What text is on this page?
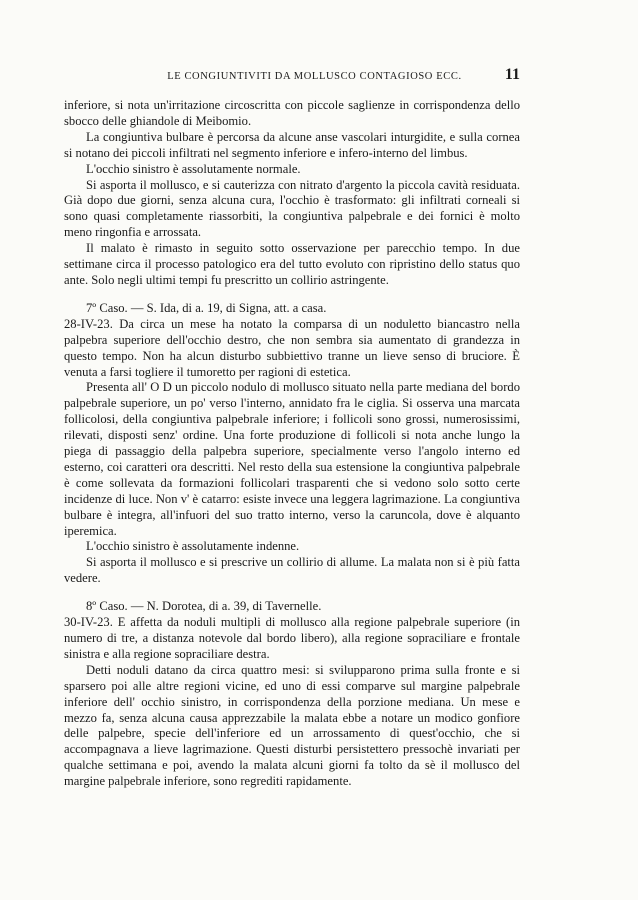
LE CONGIUNTIVITI DA MOLLUSCO CONTAGIOSO ECC.	11

inferiore, si nota un'irritazione circoscritta con piccole saglienze in corrispondenza dello sbocco delle ghiandole di Meibomio.

La congiuntiva bulbare è percorsa da alcune anse vascolari inturgidite, e sulla cornea si notano dei piccoli infiltrati nel segmento inferiore e infero-interno del limbus.

L'occhio sinistro è assolutamente normale.

Si asporta il mollusco, e si cauterizza con nitrato d'argento la piccola cavità residuata. Già dopo due giorni, senza alcuna cura, l'occhio è trasformato: gli infiltrati corneali si sono quasi completamente riassorbiti, la congiuntiva palpebrale e dei fornici è molto meno ringonfia e arrossata.

Il malato è rimasto in seguito sotto osservazione per parecchio tempo. In due settimane circa il processo patologico era del tutto evoluto con ripristino dello status quo ante. Solo negli ultimi tempi fu prescritto un collirio astringente.

7º Caso. — S. Ida, di a. 19, di Signa, att. a casa.

28-IV-23. Da circa un mese ha notato la comparsa di un noduletto biancastro nella palpebra superiore dell'occhio destro, che non sembra sia aumentato di grandezza in questo tempo. Non ha alcun disturbo subbiettivo tranne un lieve senso di bruciore. È venuta a farsi togliere il tumoretto per ragioni di estetica.

Presenta all' O D un piccolo nodulo di mollusco situato nella parte mediana del bordo palpebrale superiore, un po' verso l'interno, annidato fra le ciglia. Si osserva una marcata follicolosi, della congiuntiva palpebrale inferiore; i follicoli sono grossi, numerosissimi, rilevati, disposti senz' ordine. Una forte produzione di follicoli si nota anche lungo la piega di passaggio della palpebra superiore, specialmente verso l'angolo interno ed esterno, coi caratteri ora descritti. Nel resto della sua estensione la congiuntiva palpebrale è come sollevata da formazioni follicolari trasparenti che si vedono solo sotto certe incidenze di luce. Non v' è catarro: esiste invece una leggera lagrimazione. La congiuntiva bulbare è integra, all'infuori del suo tratto interno, verso la caruncola, dove è alquanto iperemica.

L'occhio sinistro è assolutamente indenne.

Si asporta il mollusco e si prescrive un collirio di allume. La malata non si è più fatta vedere.

8º Caso. — N. Dorotea, di a. 39, di Tavernelle.

30-IV-23. E affetta da noduli multipli di mollusco alla regione palpebrale superiore (in numero di tre, a distanza notevole dal bordo libero), alla regione sopraciliare e frontale sinistra e alla regione sopraciliare destra.

Detti noduli datano da circa quattro mesi: si svilupparono prima sulla fronte e si sparsero poi alle altre regioni vicine, ed uno di essi comparve sul margine palpebrale inferiore dell' occhio sinistro, in corrispondenza della porzione mediana. Un mese e mezzo fa, senza alcuna causa apprezzabile la malata ebbe a notare un modico gonfiore delle palpebre, specie dell'inferiore ed un arrossamento di quest'occhio, che si accompagnava a lieve lagrimazione. Questi disturbi persistettero pressochè invariati per qualche settimana e poi, avendo la malata alcuni giorni fa tolto da sè il mollusco del margine palpebrale inferiore, sono regrediti rapidamente.
